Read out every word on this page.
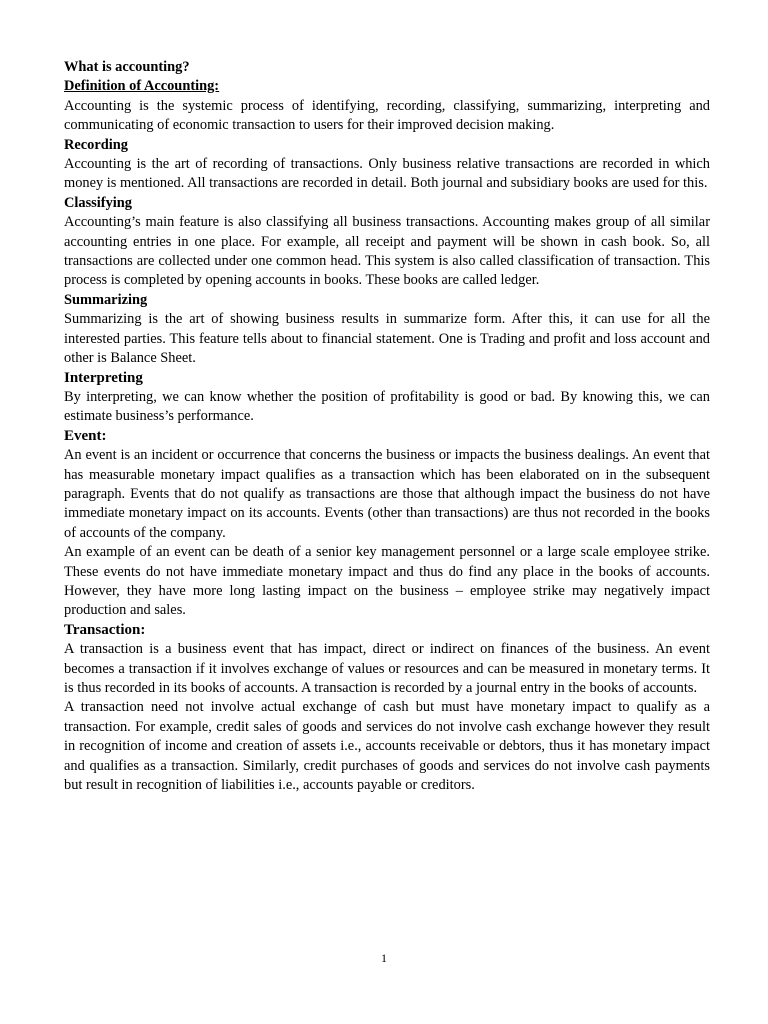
What is accounting?
Definition of Accounting:

Accounting is the systemic process of identifying, recording, classifying, summarizing, interpreting and communicating of economic transaction to users for their improved decision making.

Recording

Accounting is the art of recording of transactions. Only business relative transactions are recorded in which money is mentioned. All transactions are recorded in detail. Both journal and subsidiary books are used for this.

Classifying

Accounting’s main feature is also classifying all business transactions. Accounting makes group of all similar accounting entries in one place. For example, all receipt and payment will be shown in cash book. So, all transactions are collected under one common head. This system is also called classification of transaction. This process is completed by opening accounts in books. These books are called ledger.

Summarizing

Summarizing is the art of showing business results in summarize form. After this, it can use for all the interested parties. This feature tells about to financial statement. One is Trading and profit and loss account and other is Balance Sheet.

Interpreting

By interpreting, we can know whether the position of profitability is good or bad. By knowing this, we can estimate business’s performance.

Event:

An event is an incident or occurrence that concerns the business or impacts the business dealings. An event that has measurable monetary impact qualifies as a transaction which has been elaborated on in the subsequent paragraph. Events that do not qualify as transactions are those that although impact the business do not have immediate monetary impact on its accounts. Events (other than transactions) are thus not recorded in the books of accounts of the company.

An example of an event can be death of a senior key management personnel or a large scale employee strike. These events do not have immediate monetary impact and thus do find any place in the books of accounts. However, they have more long lasting impact on the business – employee strike may negatively impact production and sales.

Transaction:

A transaction is a business event that has impact, direct or indirect on finances of the business. An event becomes a transaction if it involves exchange of values or resources and can be measured in monetary terms. It is thus recorded in its books of accounts. A transaction is recorded by a journal entry in the books of accounts.

A transaction need not involve actual exchange of cash but must have monetary impact to qualify as a transaction. For example, credit sales of goods and services do not involve cash exchange however they result in recognition of income and creation of assets i.e., accounts receivable or debtors, thus it has monetary impact and qualifies as a transaction. Similarly, credit purchases of goods and services do not involve cash payments but result in recognition of liabilities i.e., accounts payable or creditors.

1
